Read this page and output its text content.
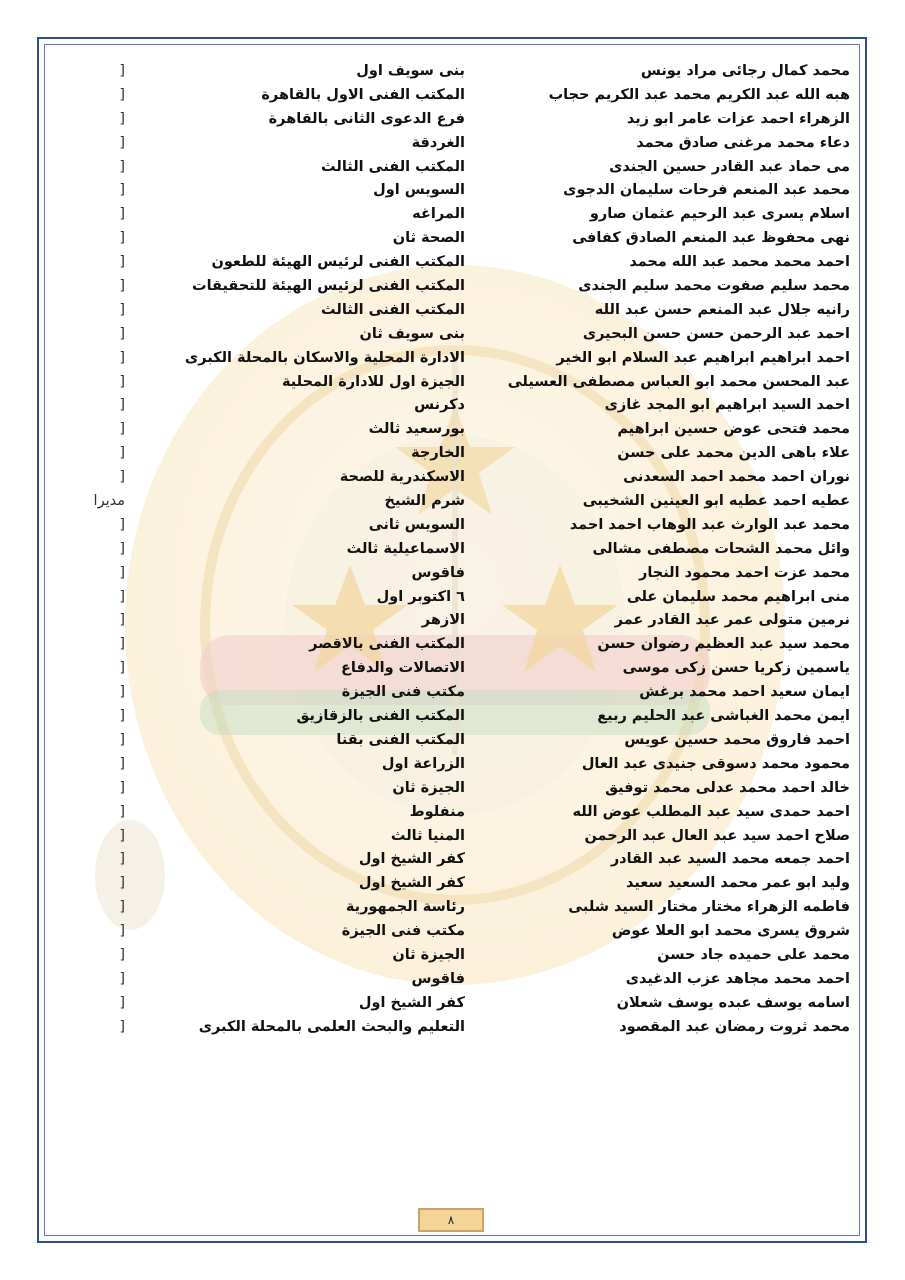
محمد كمال رجائى مراد يونس
بنى سويف اول
[
هبه الله عبد الكريم محمد عبد الكريم حجاب
المكتب الفنى الاول بالقاهرة
[
الزهراء احمد عزات عامر ابو زيد
فرع الدعوى الثانى بالقاهرة
[
دعاء محمد مرغنى صادق محمد
الغردقة
[
مى حماد عبد القادر حسين الجندى
المكتب الفنى الثالث
[
محمد عبد المنعم فرحات سليمان الدجوى
السويس اول
[
اسلام يسرى عبد الرحيم عثمان صارو
المراغه
[
نهى محفوظ عبد المنعم الصادق كفافى
الصحة ثان
[
احمد محمد محمد عبد الله محمد
المكتب الفنى لرئيس الهيئة للطعون
[
محمد سليم صفوت محمد سليم الجندى
المكتب الفنى لرئيس الهيئة للتحقيقات
[
رانيه جلال عبد المنعم حسن عبد الله
المكتب الفنى الثالث
[
احمد عبد الرحمن حسن حسن البحيرى
بنى سويف ثان
[
احمد ابراهيم ابراهيم عبد السلام ابو الخير
الادارة المحلية والاسكان بالمحلة الكبرى
[
عبد المحسن محمد ابو العباس مصطفى العسيلى
الجيزة اول للادارة المحلية
[
احمد السيد ابراهيم ابو المجد غازى
دكرنس
[
محمد فتحى عوض حسين ابراهيم
بورسعيد ثالث
[
علاء باهى الدين محمد على حسن
الخارجة
[
نوران احمد محمد احمد السعدنى
الاسكندرية للصحة
[
عطيه احمد عطيه ابو العينين الشخيبى
شرم الشيخ
مديرا
محمد عبد الوارث عبد الوهاب احمد احمد
السويس ثانى
[
وائل محمد الشحات مصطفى مشالى
الاسماعيلية ثالث
[
محمد عزت احمد محمود النجار
فاقوس
[
منى ابراهيم محمد سليمان على
٦ اكتوبر اول
[
نرمين متولى عمر عبد القادر عمر
الازهر
[
محمد سيد عبد العظيم رضوان حسن
المكتب الفنى بالاقصر
[
ياسمين زكريا حسن زكى موسى
الاتصالات والدفاع
[
ايمان سعيد احمد محمد برغش
مكتب فنى الجيزة
[
ايمن محمد الغباشى عبد الحليم ربيع
المكتب الفنى بالزقازيق
[
احمد فاروق محمد حسين عويس
المكتب الفنى بقنا
[
محمود محمد دسوقى جنيدى عبد العال
الزراعة اول
[
خالد احمد محمد عدلى محمد توفيق
الجيزة ثان
[
احمد حمدى سيد عبد المطلب عوض الله
منفلوط
[
صلاح احمد سيد عبد العال عبد الرحمن
المنيا ثالث
[
احمد جمعه محمد السيد عبد القادر
كفر الشيخ اول
[
وليد ابو عمر محمد السعيد سعيد
كفر الشيخ اول
[
فاطمه الزهراء مختار مختار السيد شلبى
رئاسة الجمهورية
[
شروق يسرى محمد ابو العلا عوض
مكتب فنى الجيزة
[
محمد على حميده جاد حسن
الجيزة ثان
[
احمد محمد مجاهد عزب الدغيدى
فاقوس
[
اسامه يوسف عبده يوسف شعلان
كفر الشيخ اول
[
محمد ثروت رمضان عبد المقصود
التعليم والبحث العلمى بالمحلة الكبرى
[
٨
